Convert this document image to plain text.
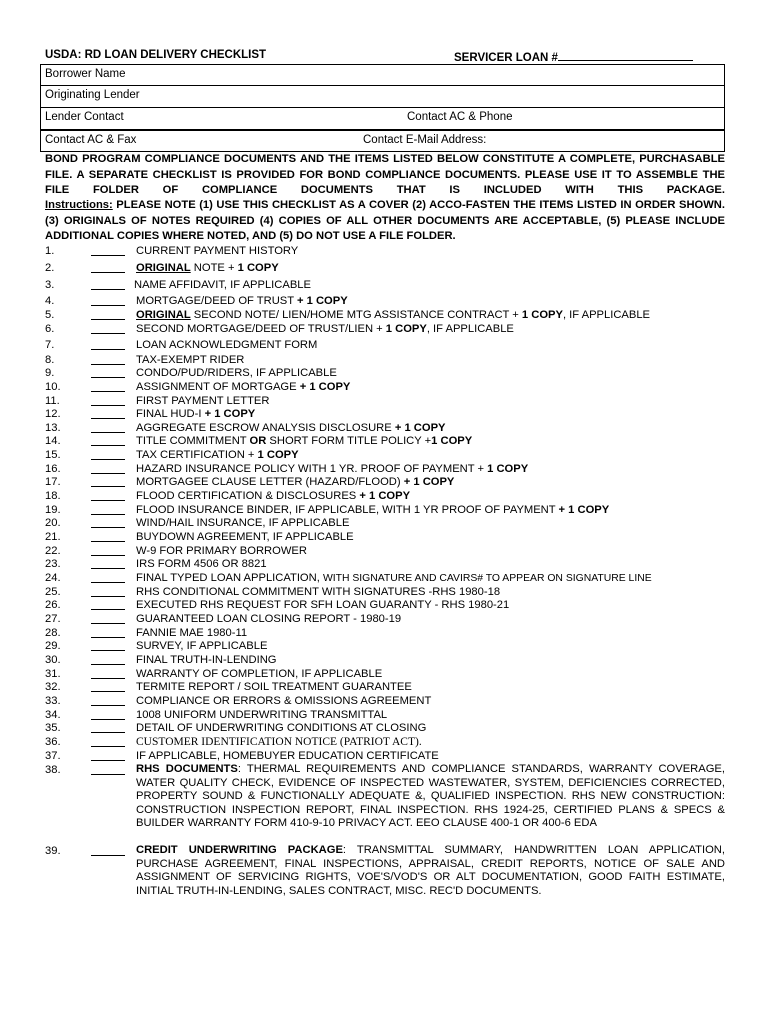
USDA: RD LOAN DELIVERY CHECKLIST	SERVICER LOAN #
Borrower Name
Originating Lender
Lender Contact	Contact AC & Phone
Contact AC & Fax	Contact E-Mail Address:
BOND PROGRAM COMPLIANCE DOCUMENTS AND THE ITEMS LISTED BELOW CONSTITUTE A COMPLETE, PURCHASABLE FILE. A SEPARATE CHECKLIST IS PROVIDED FOR BOND COMPLIANCE DOCUMENTS. PLEASE USE IT TO ASSEMBLE THE FILE FOLDER OF COMPLIANCE DOCUMENTS THAT IS INCLUDED WITH THIS PACKAGE.
Instructions: PLEASE NOTE (1) USE THIS CHECKLIST AS A COVER (2) ACCO-FASTEN THE ITEMS LISTED IN ORDER SHOWN. (3) ORIGINALS OF NOTES REQUIRED (4) COPIES OF ALL OTHER DOCUMENTS ARE ACCEPTABLE, (5) PLEASE INCLUDE ADDITIONAL COPIES WHERE NOTED, AND (5) DO NOT USE A FILE FOLDER.
1.	CURRENT PAYMENT HISTORY
2.	ORIGINAL NOTE + 1 COPY
3.	NAME AFFIDAVIT, IF APPLICABLE
4.	MORTGAGE/DEED OF TRUST + 1 COPY
5.	ORIGINAL SECOND NOTE/ LIEN/HOME MTG ASSISTANCE CONTRACT + 1 COPY, IF APPLICABLE
6.	SECOND MORTGAGE/DEED OF TRUST/LIEN + 1 COPY, IF APPLICABLE
7.	LOAN ACKNOWLEDGMENT FORM
8.	TAX-EXEMPT RIDER
9.	CONDO/PUD/RIDERS, IF APPLICABLE
10.	ASSIGNMENT OF MORTGAGE + 1 COPY
11.	FIRST PAYMENT LETTER
12.	FINAL HUD-I + 1 COPY
13.	AGGREGATE ESCROW ANALYSIS DISCLOSURE + 1 COPY
14.	TITLE COMMITMENT OR SHORT FORM TITLE POLICY +1 COPY
15.	TAX CERTIFICATION + 1 COPY
16.	HAZARD INSURANCE POLICY WITH 1 YR. PROOF OF PAYMENT + 1 COPY
17.	MORTGAGEE CLAUSE LETTER (HAZARD/FLOOD) + 1 COPY
18.	FLOOD CERTIFICATION & DISCLOSURES + 1 COPY
19.	FLOOD INSURANCE BINDER, IF APPLICABLE, WITH 1 YR PROOF OF PAYMENT + 1 COPY
20.	WIND/HAIL INSURANCE, IF APPLICABLE
21.	BUYDOWN AGREEMENT, IF APPLICABLE
22.	W-9 FOR PRIMARY BORROWER
23.	IRS FORM 4506 OR 8821
24.	FINAL TYPED LOAN APPLICATION, WITH SIGNATURE AND CAVIRS# TO APPEAR ON SIGNATURE LINE
25.	RHS CONDITIONAL COMMITMENT WITH SIGNATURES -RHS 1980-18
26.	EXECUTED RHS REQUEST FOR SFH LOAN GUARANTY - RHS 1980-21
27.	GUARANTEED LOAN CLOSING REPORT - 1980-19
28.	FANNIE MAE 1980-11
29.	SURVEY, IF APPLICABLE
30.	FINAL TRUTH-IN-LENDING
31.	WARRANTY OF COMPLETION, IF APPLICABLE
32.	TERMITE REPORT / SOIL TREATMENT GUARANTEE
33.	COMPLIANCE OR ERRORS & OMISSIONS AGREEMENT
34.	1008 UNIFORM UNDERWRITING TRANSMITTAL
35.	DETAIL OF UNDERWRITING CONDITIONS AT CLOSING
36.	CUSTOMER IDENTIFICATION NOTICE (PATRIOT ACT).
37.	IF APPLICABLE, HOMEBUYER EDUCATION CERTIFICATE
38.	RHS DOCUMENTS: THERMAL REQUIREMENTS AND COMPLIANCE STANDARDS, WARRANTY COVERAGE, WATER QUALITY CHECK, EVIDENCE OF INSPECTED WASTEWATER, SYSTEM, DEFICIENCIES CORRECTED, PROPERTY SOUND & FUNCTIONALLY ADEQUATE &, QUALIFIED INSPECTION. RHS NEW CONSTRUCTION: CONSTRUCTION INSPECTION REPORT, FINAL INSPECTION. RHS 1924-25, CERTIFIED PLANS & SPECS & BUILDER WARRANTY FORM 410-9-10 PRIVACY ACT. EEO CLAUSE 400-1 OR 400-6 EDA
39.	CREDIT UNDERWRITING PACKAGE: TRANSMITTAL SUMMARY, HANDWRITTEN LOAN APPLICATION, PURCHASE AGREEMENT, FINAL INSPECTIONS, APPRAISAL, CREDIT REPORTS, NOTICE OF SALE AND ASSIGNMENT OF SERVICING RIGHTS, VOE'S/VOD'S OR ALT DOCUMENTATION, GOOD FAITH ESTIMATE, INITIAL TRUTH-IN-LENDING, SALES CONTRACT, MISC. REC'D DOCUMENTS.
